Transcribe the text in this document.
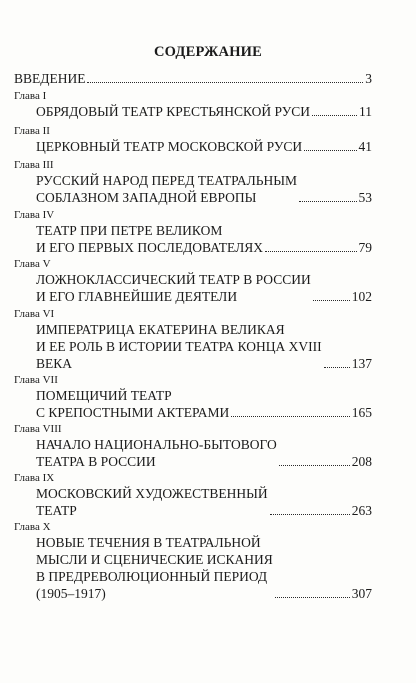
СОДЕРЖАНИЕ
ВВЕДЕНИЕ	3
Глава I
ОБРЯДОВЫЙ ТЕАТР КРЕСТЬЯНСКОЙ РУСИ	11
Глава II
ЦЕРКОВНЫЙ ТЕАТР МОСКОВСКОЙ РУСИ	41
Глава III
РУССКИЙ НАРОД ПЕРЕД ТЕАТРАЛЬНЫМ
СОБЛАЗНОМ ЗАПАДНОЙ ЕВРОПЫ	53
Глава IV
ТЕАТР ПРИ ПЕТРЕ ВЕЛИКОМ
И ЕГО ПЕРВЫХ ПОСЛЕДОВАТЕЛЯХ	79
Глава V
ЛОЖНОКЛАССИЧЕСКИЙ ТЕАТР В РОССИИ
И ЕГО ГЛАВНЕЙШИЕ ДЕЯТЕЛИ	102
Глава VI
ИМПЕРАТРИЦА ЕКАТЕРИНА ВЕЛИКАЯ
И ЕЕ РОЛЬ В ИСТОРИИ ТЕАТРА КОНЦА XVIII
ВЕКА	137
Глава VII
ПОМЕЩИЧИЙ ТЕАТР
С КРЕПОСТНЫМИ АКТЕРАМИ	165
Глава VIII
НАЧАЛО НАЦИОНАЛЬНО-БЫТОВОГО
ТЕАТРА В РОССИИ	208
Глава IX
МОСКОВСКИЙ ХУДОЖЕСТВЕННЫЙ
ТЕАТР	263
Глава X
НОВЫЕ ТЕЧЕНИЯ В ТЕАТРАЛЬНОЙ
МЫСЛИ И СЦЕНИЧЕСКИЕ ИСКАНИЯ
В ПРЕДРЕВОЛЮЦИОННЫЙ ПЕРИОД
(1905–1917)	307
